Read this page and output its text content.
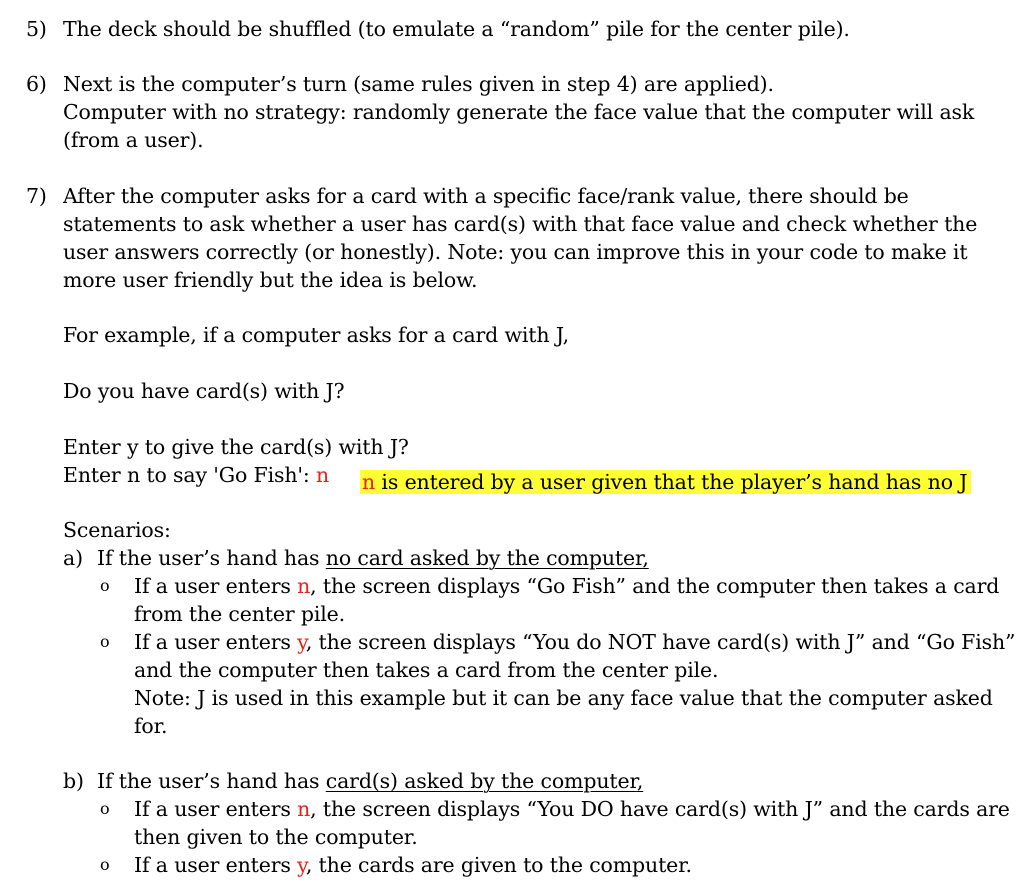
5) The deck should be shuffled (to emulate a “random” pile for the center pile).
6) Next is the computer’s turn (same rules given in step 4) are applied).
Computer with no strategy: randomly generate the face value that the computer will ask
(from a user).
7) After the computer asks for a card with a specific face/rank value, there should be
statements to ask whether a user has card(s) with that face value and check whether the
user answers correctly (or honestly). Note: you can improve this in your code to make it
more user friendly but the idea is below.
For example, if a computer asks for a card with J,
Do you have card(s) with J?
Enter y to give the card(s) with J?
Enter n to say 'Go Fish': n n is entered by a user given that the player’s hand has no J
Scenarios:
a) If the user’s hand has no card asked by the computer,
o If a user enters n, the screen displays “Go Fish” and the computer then takes a card
from the center pile.
o If a user enters y, the screen displays “You do NOT have card(s) with J” and “Go Fish”
and the computer then takes a card from the center pile.
Note: J is used in this example but it can be any face value that the computer asked
for.
b) If the user’s hand has card(s) asked by the computer,
o If a user enters n, the screen displays “You DO have card(s) with J” and the cards are
then given to the computer.
o If a user enters y, the cards are given to the computer.
